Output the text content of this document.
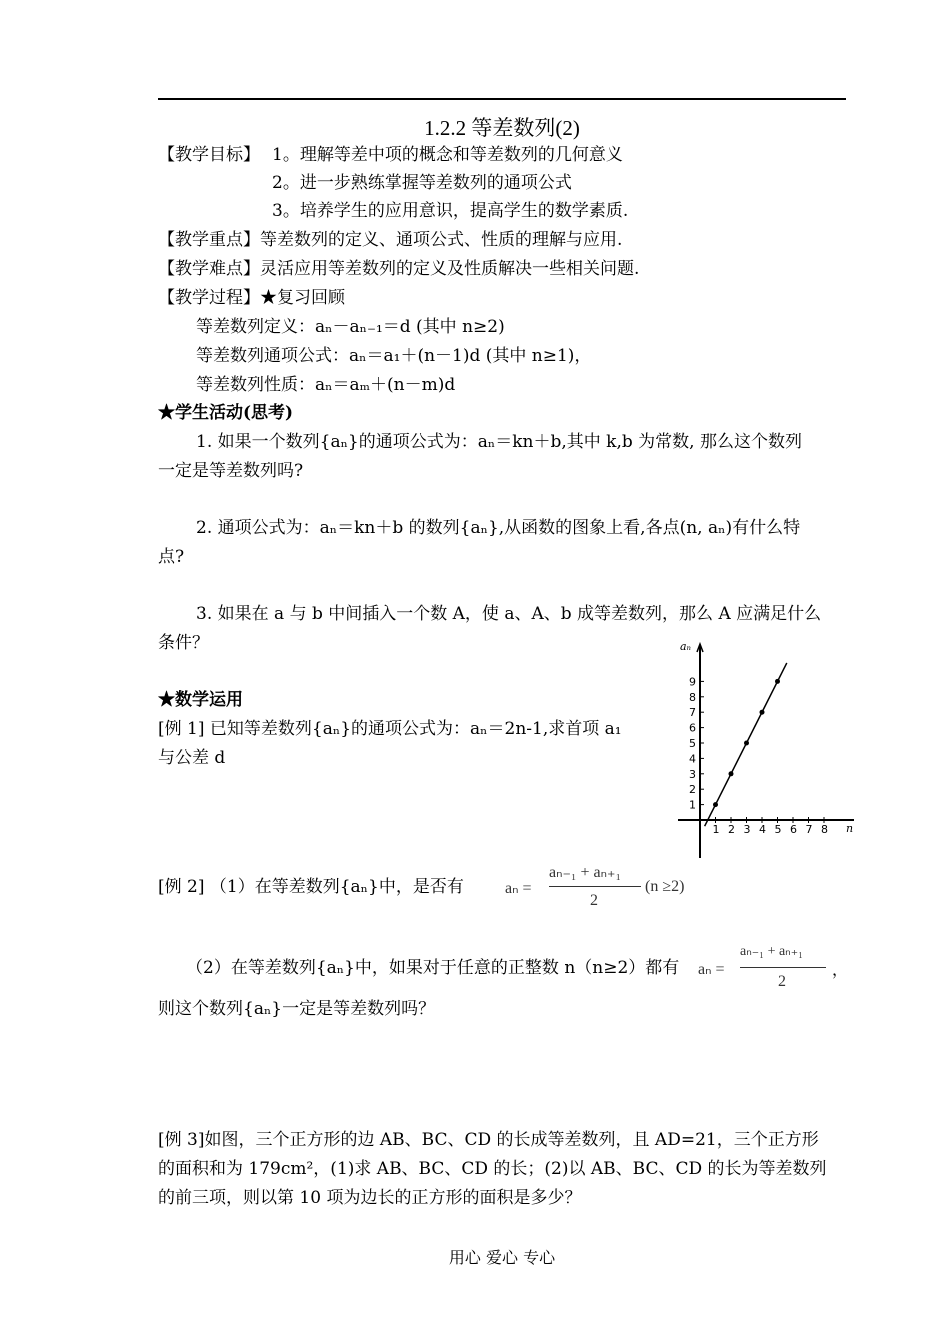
1.2.2 等差数列(2)
【教学目标】 1。理解等差中项的概念和等差数列的几何意义
2。进一步熟练掌握等差数列的通项公式
3。培养学生的应用意识，提高学生的数学素质.
【教学重点】等差数列的定义、通项公式、性质的理解与应用.
【教学难点】灵活应用等差数列的定义及性质解决一些相关问题.
【教学过程】★复习回顾
等差数列定义：aₙ－aₙ₋₁＝d (其中 n≥2)
等差数列通项公式：aₙ＝a₁＋(n－1)d (其中 n≥1)，
等差数列性质：aₙ＝aₘ＋(n－m)d
★学生活动(思考)
1. 如果一个数列{aₙ}的通项公式为：aₙ＝kn＋b,其中 k,b 为常数, 那么这个数列
一定是等差数列吗?
2. 通项公式为：aₙ＝kn＋b 的数列{aₙ},从函数的图象上看,各点(n, aₙ)有什么特
点?
3. 如果在 a 与 b 中间插入一个数 A，使 a、A、b 成等差数列，那么 A 应满足什么
条件？
★数学运用
[例 1] 已知等差数列{aₙ}的通项公式为：aₙ＝2n-1,求首项 a₁
与公差 d
aₙ
n
1 2 3 4 5 6 7 8
1
2
3
4
5
6
7
8
9
[例 2] （1）在等差数列{aₙ}中，是否有	aₙ =
aₙ₋₁ + aₙ₊₁
2
(n ≥2)
（2）在等差数列{aₙ}中，如果对于任意的正整数 n（n≥2）都有 aₙ =
aₙ₋₁ + aₙ₊₁
2
，
则这个数列{aₙ}一定是等差数列吗？
[例 3]如图，三个正方形的边 AB、BC、CD 的长成等差数列，且 AD=21，三个正方形
的面积和为 179cm²，(1)求 AB、BC、CD 的长；(2)以 AB、BC、CD 的长为等差数列
的前三项，则以第 10 项为边长的正方形的面积是多少？
用心 爱心 专心
